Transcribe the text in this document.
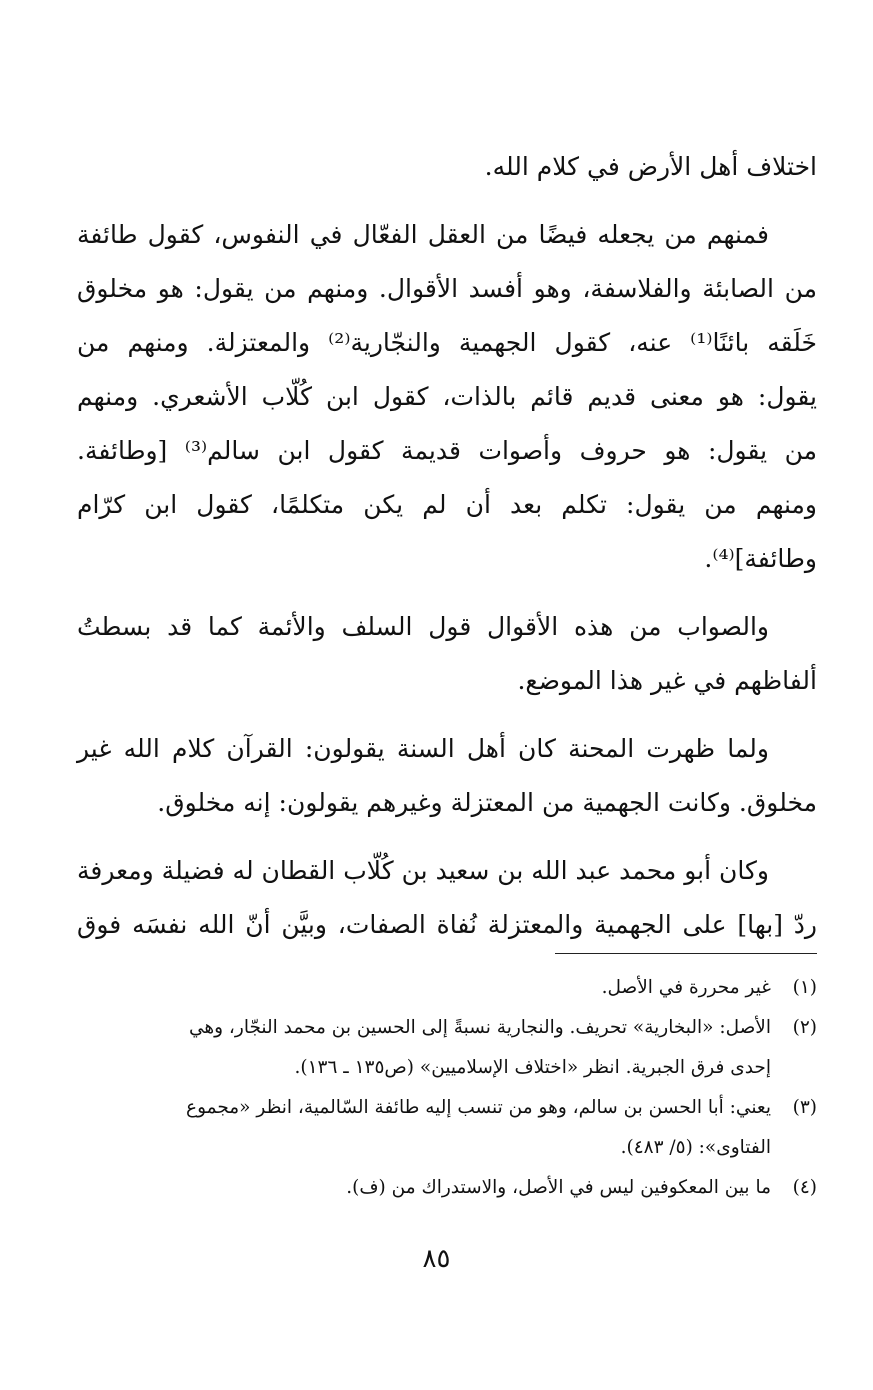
اختلاف أهل الأرض في كلام الله.
فمنهم من يجعله فيضًا من العقل الفعّال في النفوس، كقول طائفة
من الصابئة والفلاسفة، وهو أفسد الأقوال. ومنهم من يقول: هو مخلوق
خَلَقه بائنًا⁽¹⁾ عنه، كقول الجهمية والنجّارية⁽²⁾ والمعتزلة. ومنهم من
يقول: هو معنى قديم قائم بالذات، كقول ابن كُلّاب الأشعري. ومنهم
من يقول: هو حروف وأصوات قديمة كقول ابن سالم⁽³⁾ [وطائفة.
ومنهم من يقول: تكلم بعد أن لم يكن متكلمًا، كقول ابن كرّام
وطائفة]⁽⁴⁾.
والصواب من هذه الأقوال قول السلف والأئمة كما قد بسطتُ
ألفاظهم في غير هذا الموضع.
ولما ظهرت المحنة كان أهل السنة يقولون: القرآن كلام الله غير
مخلوق. وكانت الجهمية من المعتزلة وغيرهم يقولون: إنه مخلوق.
وكان أبو محمد عبد الله بن سعيد بن كُلّاب القطان له فضيلة ومعرفة
ردّ [بها] على الجهمية والمعتزلة نُفاة الصفات، وبيَّن أنّ الله نفسَه فوق
(١)غير محررة في الأصل.
(٢)الأصل: «البخارية» تحريف. والنجارية نسبةً إلى الحسين بن محمد النجّار، وهي
إحدى فرق الجبرية. انظر «اختلاف الإسلاميين» (ص١٣٥ ـ ١٣٦).
(٣)يعني: أبا الحسن بن سالم، وهو من تنسب إليه طائفة السّالمية، انظر «مجموع
الفتاوى»: (٥/ ٤٨٣).
(٤)ما بين المعكوفين ليس في الأصل، والاستدراك من (ف).
٨٥
